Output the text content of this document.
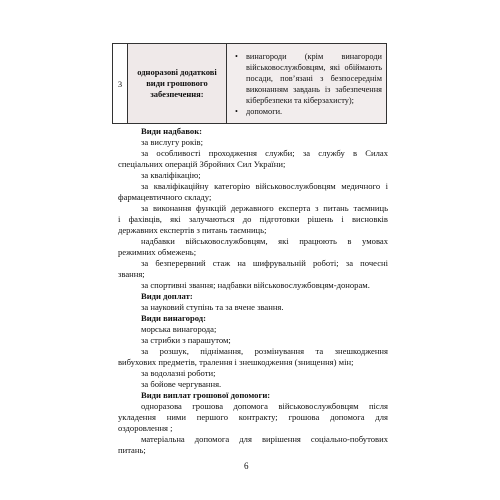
3	одноразові додаткові види грошового забезпечення:	
• винагороди (крім винагороди військовослужбовцям, які обіймають посади, пов’язані з безпосереднім виконанням завдань із забезпечення кібербезпеки та кіберзахисту);
• допомоги.
Види надбавок:
за вислугу років;
за особливості проходження служби; за службу в Силах
спеціальних операцій Збройних Сил України;
за кваліфікацію;
за кваліфікаційну категорію військовослужбовцям медичного і
фармацевтичного складу;
за виконання функцій державного експерта з питань таємниць
і фахівців, які залучаються до підготовки рішень і висновків
державних експертів з питань таємниць;
надбавки військовослужбовцям, які працюють в умовах
режимних обмежень;
за безперервний стаж на шифрувальній роботі; за почесні
звання;
за спортивні звання; надбавки військовослужбовцям-донорам.
Види доплат:
за науковий ступінь та за вчене звання.
Види винагород:
морська винагорода;
за стрибки з парашутом;
за розшук, піднімання, розмінування та знешкодження
вибухових предметів, тралення і знешкодження (знищення) мін;
за водолазні роботи;
за бойове чергування.
Види виплат грошової допомоги:
одноразова грошова допомога військовослужбовцям після
укладення ними першого контракту; грошова допомога для
оздоровлення ;
матеріальна допомога для вирішення соціально-побутових
питань;
6
